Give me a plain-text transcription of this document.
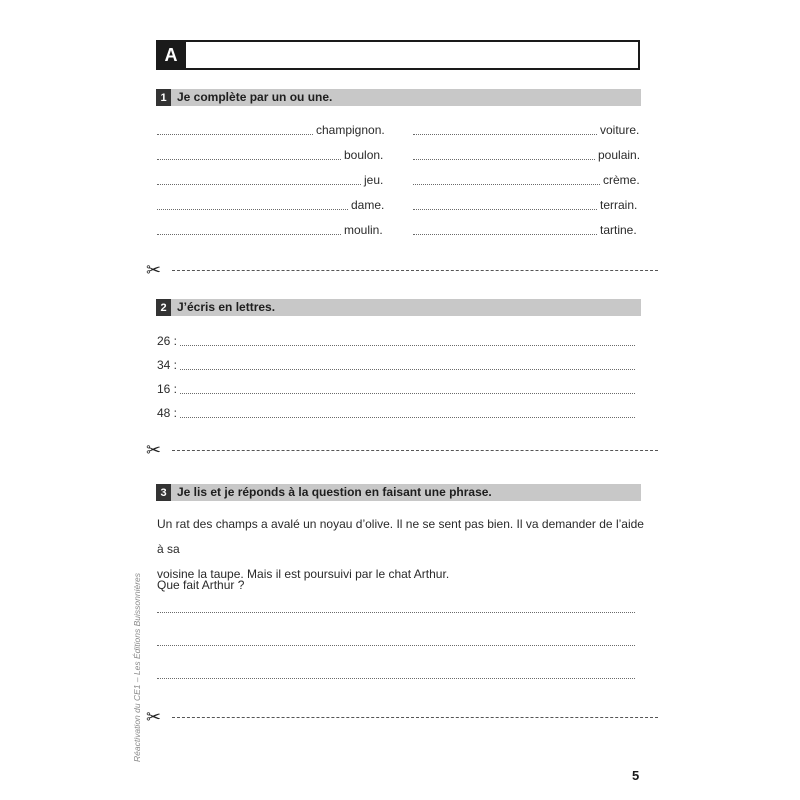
A
1 Je complète par un ou une.
champignon.
boulon.
jeu.
dame.
moulin.
voiture.
poulain.
crème.
terrain.
tartine.
✂
2 J’écris en lettres.
26 :
34 :
16 :
48 :
✂
3 Je lis et je réponds à la question en faisant une phrase.
Un rat des champs a avalé un noyau d’olive. Il ne se sent pas bien. Il va demander de l’aide à sa
voisine la taupe. Mais il est poursuivi par le chat Arthur.
Que fait Arthur ?
✂
Réactivation du CE1 – Les Éditions Buissonnières
5
